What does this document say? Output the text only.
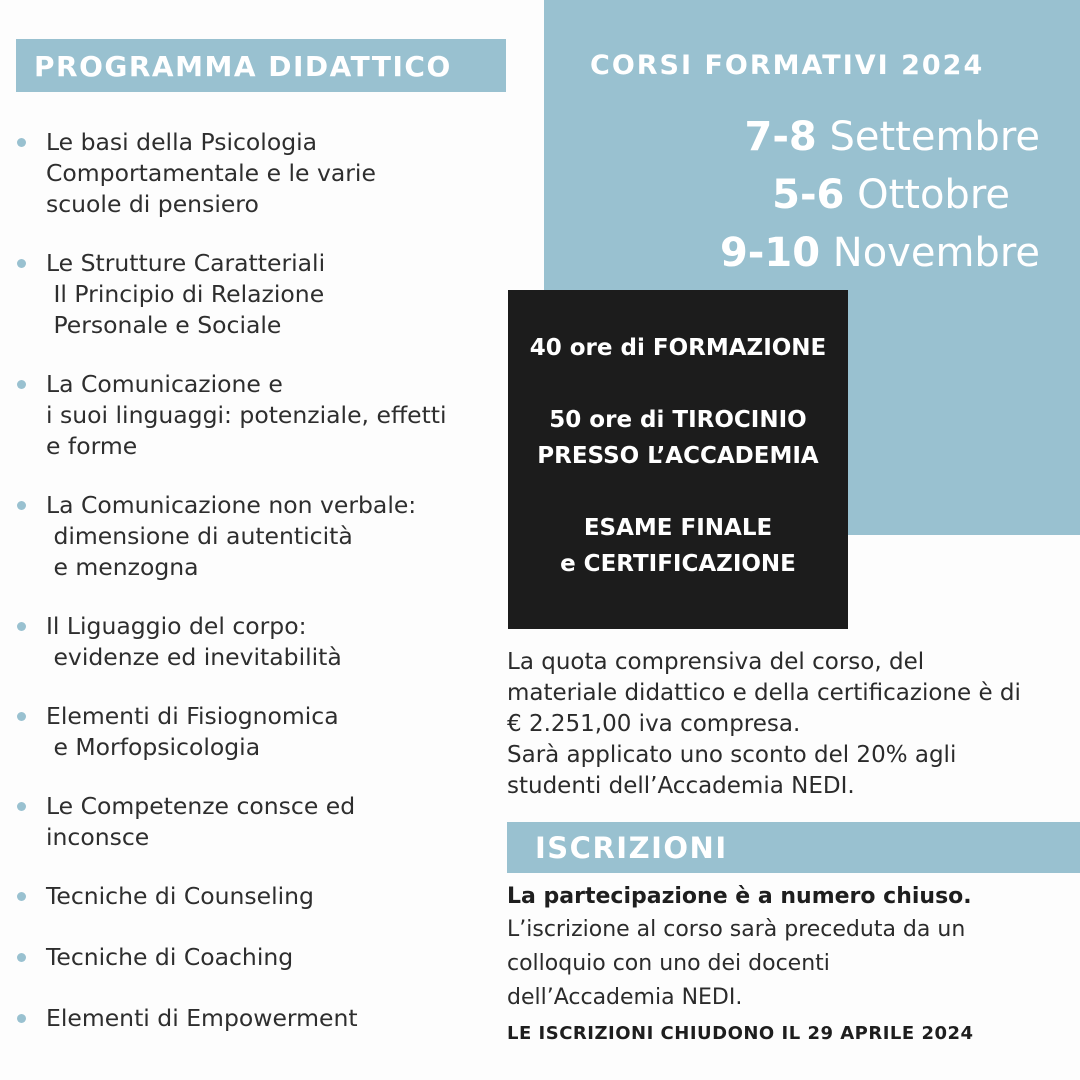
PROGRAMMA DIDATTICO
Le basi della Psicologia
Comportamentale e le varie
scuole di pensiero
Le Strutture Caratteriali
Il Principio di Relazione
Personale e Sociale
La Comunicazione e
i suoi linguaggi: potenziale, effetti
e forme
La Comunicazione non verbale:
dimensione di autenticità
e menzogna
Il Liguaggio del corpo:
evidenze ed inevitabilità
Elementi di Fisiognomica
e Morfopsicologia
Le Competenze consce ed
inconsce
Tecniche di Counseling
Tecniche di Coaching
Elementi di Empowerment
CORSI FORMATIVI 2024
7-8 Settembre
5-6 Ottobre
9-10 Novembre
40 ore di FORMAZIONE
50 ore di TIROCINIO
PRESSO L’ACCADEMIA
ESAME FINALE
e CERTIFICAZIONE
La quota comprensiva del corso, del
materiale didattico e della certificazione è di
€ 2.251,00 iva compresa.
Sarà applicato uno sconto del 20% agli
studenti dell’Accademia NEDI.
ISCRIZIONI
La partecipazione è a numero chiuso.
L’iscrizione al corso sarà preceduta da un
colloquio con uno dei docenti
dell’Accademia NEDI.
LE ISCRIZIONI CHIUDONO IL 29 APRILE 2024
